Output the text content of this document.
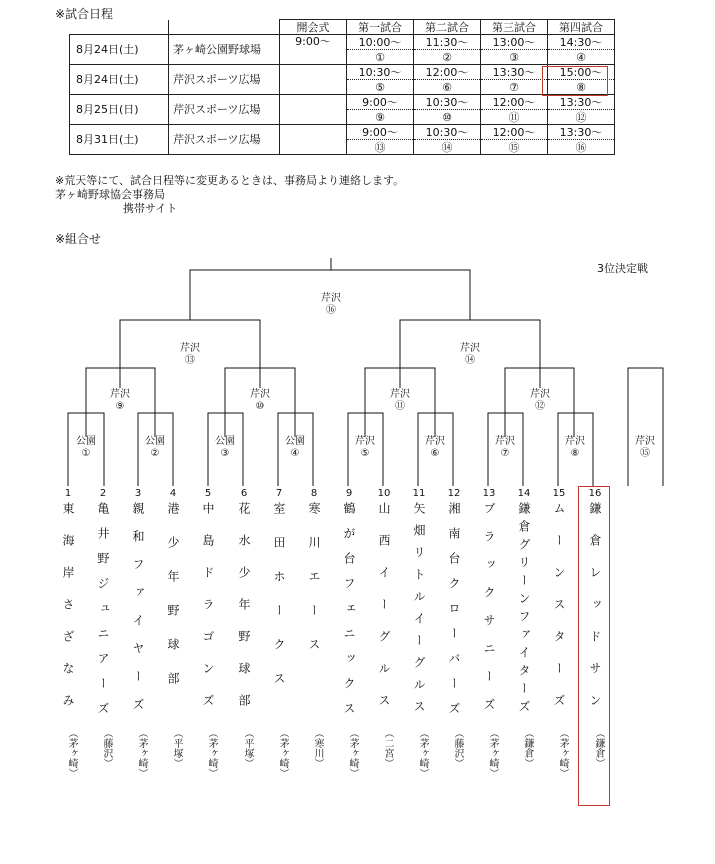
※試合日程
		開会式	第一試合	第二試合	第三試合	第四試合
8月24日(土)	茅ヶ崎公園野球場	9:00〜	10:00〜	11:30〜	13:00〜	14:30〜
			①	②	③	④
8月24日(土)	芹沢スポーツ広場		10:30〜	12:00〜	13:30〜	15:00〜
			⑤	⑥	⑦	⑧
8月25日(日)	芹沢スポーツ広場		9:00〜	10:30〜	12:00〜	13:30〜
			⑨	⑩	⑪	⑫
8月31日(土)	芹沢スポーツ広場		9:00〜	10:30〜	12:00〜	13:30〜
			⑬	⑭	⑮	⑯
※荒天等にて、試合日程等に変更あるときは、事務局より連絡します。
茅ヶ崎野球協会事務局
携帯サイト
※組合せ
3位決定戦
芹沢
⑯
芹沢
⑬
芹沢
⑭
芹沢
⑨
芹沢
⑩
芹沢
⑪
芹沢
⑫
公園
①
公園
②
公園
③
公園
④
芹沢
⑤
芹沢
⑥
芹沢
⑦
芹沢
⑧
芹沢
⑮
1
東海岸さざなみ
（茅ヶ崎）
2
亀井野ジュニアーズ
（藤沢）
3
親和ファイヤーズ
（茅ヶ崎）
4
港少年野球部
（平塚）
5
中島ドラゴンズ
（茅ヶ崎）
6
花水少年野球部
（平塚）
7
室田ホークス
（茅ヶ崎）
8
寒川エース
（寒川）
9
鶴が台フェニックス
（茅ヶ崎）
10
山西イーグルス
（二宮）
11
矢畑リトルイーグルス
（茅ヶ崎）
12
湘南台クローバーズ
（藤沢）
13
ブラックサニーズ
（茅ヶ崎）
14
鎌倉グリーンファイターズ
（鎌倉）
15
ムーンスターズ
（茅ヶ崎）
16
鎌倉レッドサン
（鎌倉）
